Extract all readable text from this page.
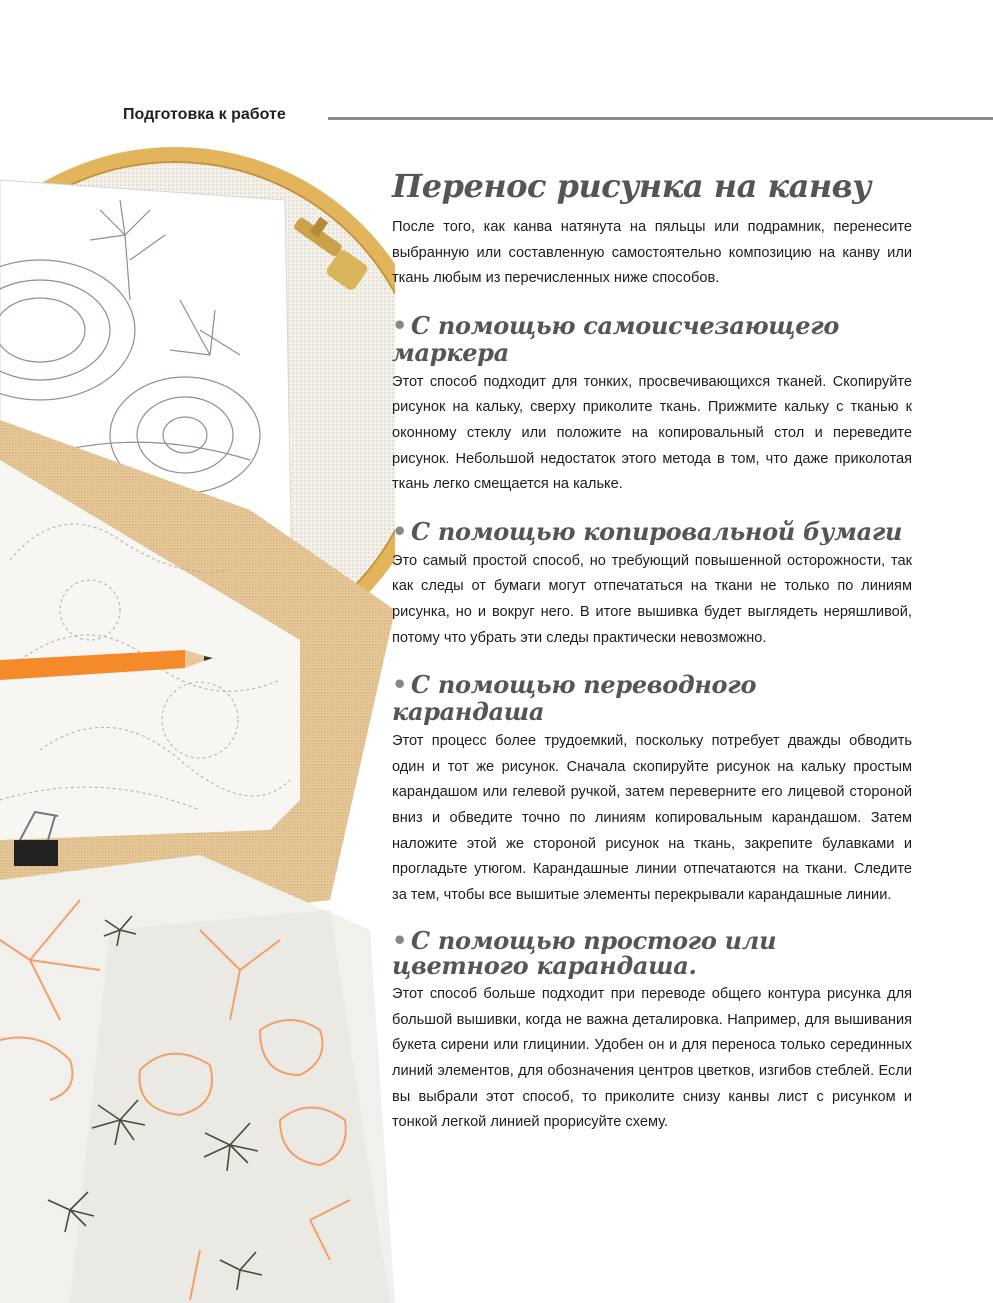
Подготовка к работе
Перенос рисунка на канву

После того, как канва натянута на пяльцы или подрамник, перенесите выбранную или составленную самостоятельно композицию на канву или ткань любым из перечисленных ниже способов.

• С помощью самоисчезающего маркера

Этот способ подходит для тонких, просвечивающихся тканей. Скопируйте рисунок на кальку, сверху приколите ткань. Прижмите кальку с тканью к оконному стеклу или положите на копировальный стол и переведите рисунок. Небольшой недостаток этого метода в том, что даже приколотая ткань легко смещается на кальке.

• С помощью копировальной бумаги

Это самый простой способ, но требующий повышенной осторожности, так как следы от бумаги могут отпечататься на ткани не только по линиям рисунка, но и вокруг него. В итоге вышивка будет выглядеть неряшливой, потому что убрать эти следы практически невозможно.

• С помощью переводного карандаша

Этот процесс более трудоемкий, поскольку потребует дважды обводить один и тот же рисунок. Сначала скопируйте рисунок на кальку простым карандашом или гелевой ручкой, затем переверните его лицевой стороной вниз и обведите точно по линиям копировальным карандашом. Затем наложите этой же стороной рисунок на ткань, закрепите булавками и прогладьте утюгом. Карандашные линии отпечатаются на ткани. Следите за тем, чтобы все вышитые элементы перекрывали карандашные линии.

• С помощью простого или цветного карандаша.

Этот способ больше подходит при переводе общего контура рисунка для большой вышивки, когда не важна деталировка. Например, для вышивания букета сирени или глицинии. Удобен он и для переноса только серединных линий элементов, для обозначения центров цветков, изгибов стеблей. Если вы выбрали этот способ, то приколите снизу канвы лист с рисунком и тонкой легкой линией прорисуйте схему.
